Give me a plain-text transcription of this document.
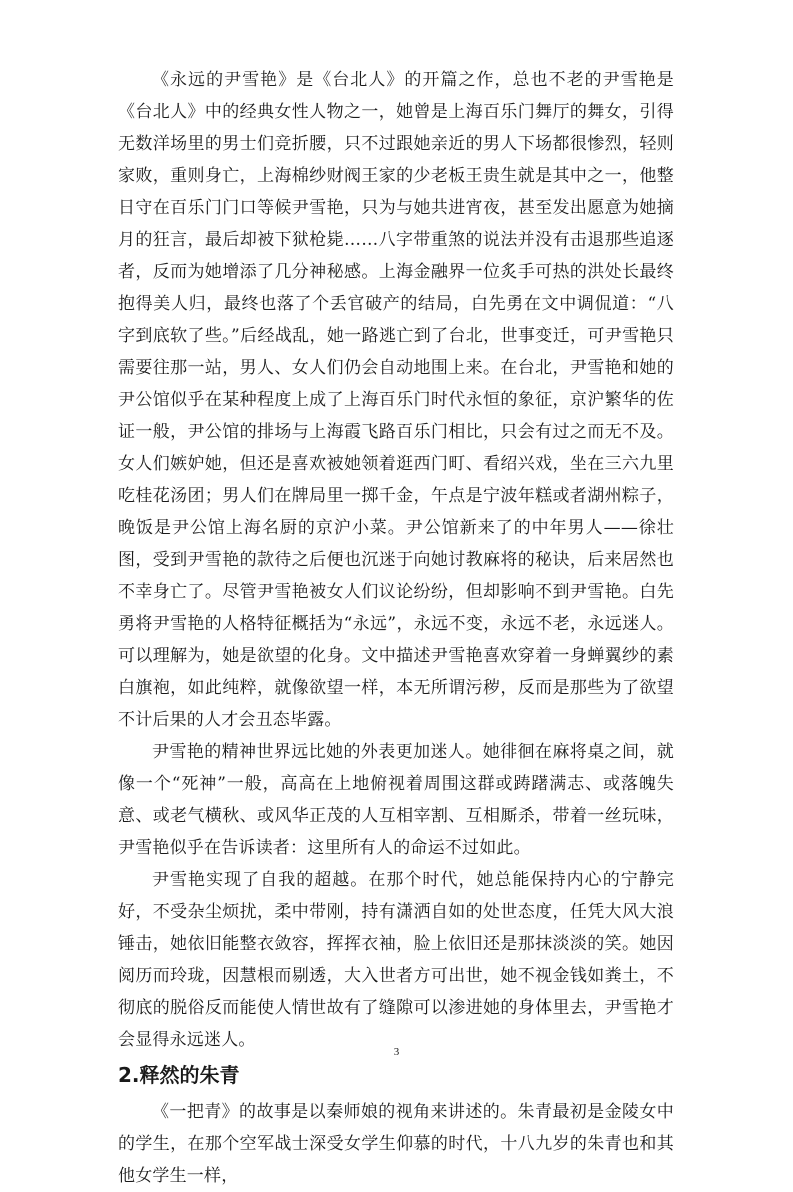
《永远的尹雪艳》是《台北人》的开篇之作，总也不老的尹雪艳是《台北人》中的经典女性人物之一，她曾是上海百乐门舞厅的舞女，引得无数洋场里的男士们竞折腰，只不过跟她亲近的男人下场都很惨烈，轻则家败，重则身亡，上海棉纱财阀王家的少老板王贵生就是其中之一，他整日守在百乐门门口等候尹雪艳，只为与她共进宵夜，甚至发出愿意为她摘月的狂言，最后却被下狱枪毙……八字带重煞的说法并没有击退那些追逐者，反而为她增添了几分神秘感。上海金融界一位炙手可热的洪处长最终抱得美人归，最终也落了个丢官破产的结局，白先勇在文中调侃道：“八字到底软了些。”后经战乱，她一路逃亡到了台北，世事变迁，可尹雪艳只需要往那一站，男人、女人们仍会自动地围上来。在台北，尹雪艳和她的尹公馆似乎在某种程度上成了上海百乐门时代永恒的象征，京沪繁华的佐证一般，尹公馆的排场与上海霞飞路百乐门相比，只会有过之而无不及。女人们嫉妒她，但还是喜欢被她领着逛西门町、看绍兴戏，坐在三六九里吃桂花汤团；男人们在牌局里一掷千金，午点是宁波年糕或者湖州粽子，晚饭是尹公馆上海名厨的京沪小菜。尹公馆新来了的中年男人——徐壮图，受到尹雪艳的款待之后便也沉迷于向她讨教麻将的秘诀，后来居然也不幸身亡了。尽管尹雪艳被女人们议论纷纷，但却影响不到尹雪艳。白先勇将尹雪艳的人格特征概括为“永远”，永远不变，永远不老，永远迷人。可以理解为，她是欲望的化身。文中描述尹雪艳喜欢穿着一身蝉翼纱的素白旗袍，如此纯粹，就像欲望一样，本无所谓污秽，反而是那些为了欲望不计后果的人才会丑态毕露。

尹雪艳的精神世界远比她的外表更加迷人。她徘徊在麻将桌之间，就像一个“死神”一般，高高在上地俯视着周围这群或踌躇满志、或落魄失意、或老气横秋、或风华正茂的人互相宰割、互相厮杀，带着一丝玩味，尹雪艳似乎在告诉读者：这里所有人的命运不过如此。

尹雪艳实现了自我的超越。在那个时代，她总能保持内心的宁静完好，不受杂尘烦扰，柔中带刚，持有潇洒自如的处世态度，任凭大风大浪锤击，她依旧能整衣敛容，挥挥衣袖，脸上依旧还是那抹淡淡的笑。她因阅历而玲珑，因慧根而剔透，大入世者方可出世，她不视金钱如粪土，不彻底的脱俗反而能使人情世故有了缝隙可以渗进她的身体里去，尹雪艳才会显得永远迷人。

2.释然的朱青

《一把青》的故事是以秦师娘的视角来讲述的。朱青最初是金陵女中的学生，在那个空军战士深受女学生仰慕的时代，十八九岁的朱青也和其他女学生一样，

3
